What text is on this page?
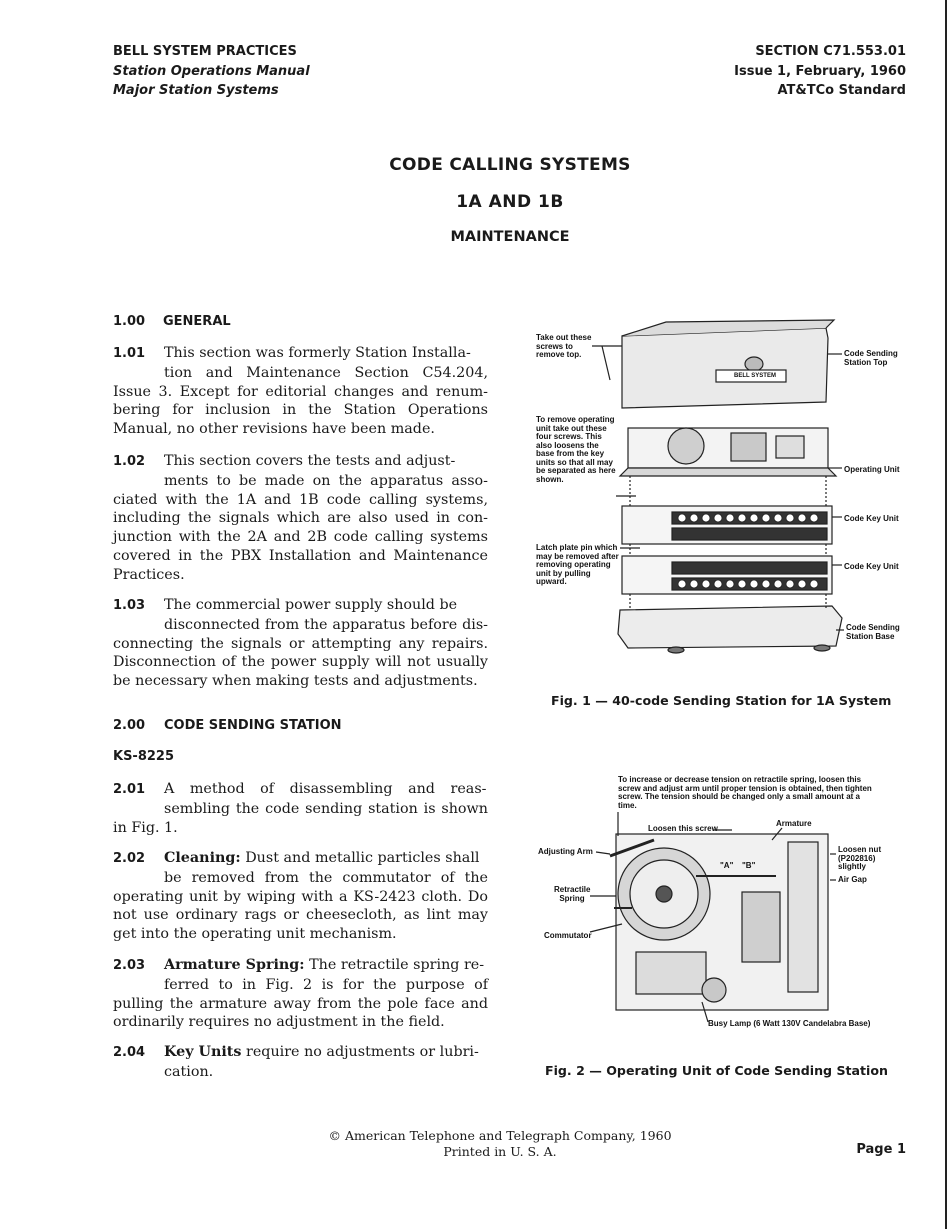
BELL SYSTEM PRACTICES
Station Operations Manual
Major Station Systems
SECTION C71.553.01
Issue 1, February, 1960
AT&TCo Standard
CODE CALLING SYSTEMS
1A AND 1B
MAINTENANCE
1.00 GENERAL
1.01 This section was formerly Station Installa-
tion and Maintenance Section C54.204, Issue 3. Except for editorial changes and renumbering for inclusion in the Station Operations Manual, no other revisions have been made.
1.02 This section covers the tests and adjust-
ments to be made on the apparatus associated with the 1A and 1B code calling systems, including the signals which are also used in conjunction with the 2A and 2B code calling systems covered in the PBX Installation and Maintenance Practices.
1.03 The commercial power supply should be
disconnected from the apparatus before disconnecting the signals or attempting any repairs. Disconnection of the power supply will not usually be necessary when making tests and adjustments.
2.00 CODE SENDING STATION
KS-8225
2.01 A method of disassembling and reas-
sembling the code sending station is shown in Fig. 1.
2.02 Cleaning: Dust and metallic particles shall
be removed from the commutator of the operating unit by wiping with a KS-2423 cloth. Do not use ordinary rags or cheesecloth, as lint may get into the operating unit mechanism.
2.03 Armature Spring: The retractile spring re-
ferred to in Fig. 2 is for the purpose of pulling the armature away from the pole face and ordinarily requires no adjustment in the field.
2.04 Key Units require no adjustments or lubri-
cation.
BELL SYSTEM
Take out these screws to remove top.
To remove operating unit take out these four screws. This also loosens the base from the key units so that all may be separated as here shown.
Latch plate pin which may be removed after removing operating unit by pulling upward.
Code Sending Station Top
Operating Unit
Code Key Unit
Code Key Unit
Code Sending Station Base
Fig. 1 — 40-code Sending Station for 1A System
To increase or decrease tension on retractile spring, loosen this screw and adjust arm until proper tension is obtained, then tighten screw. The tension should be changed only a small amount at a time.
Loosen this screw
Armature
Adjusting Arm
Retractile Spring
Commutator
Loosen nut (P202816) slightly
Air Gap
"A" "B"
Busy Lamp (6 Watt 130V Candelabra Base)
Fig. 2 — Operating Unit of Code Sending Station
© American Telephone and Telegraph Company, 1960
Printed in U. S. A.	Page 1
